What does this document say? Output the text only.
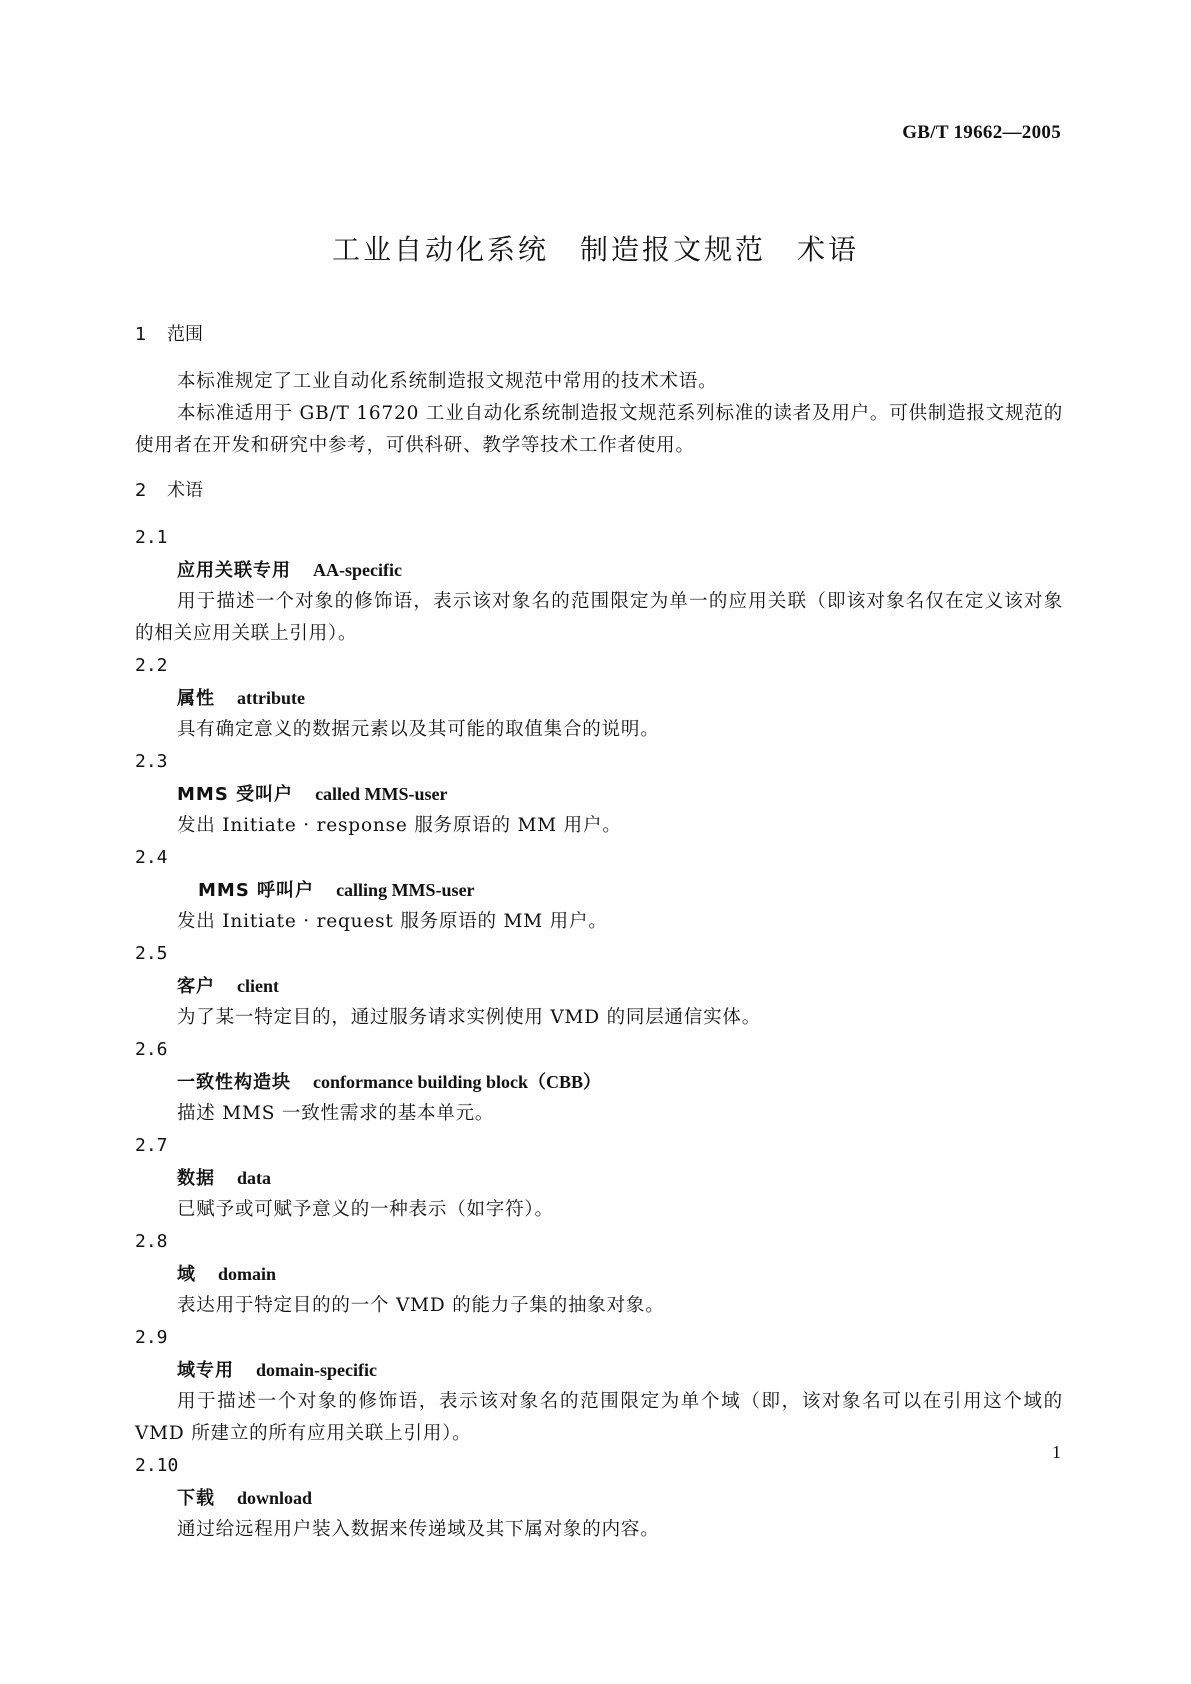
GB/T 19662—2005
工业自动化系统　制造报文规范　术语
1 范围
本标准规定了工业自动化系统制造报文规范中常用的技术术语。
本标准适用于 GB/T 16720 工业自动化系统制造报文规范系列标准的读者及用户。可供制造报文规范的使用者在开发和研究中参考，可供科研、教学等技术工作者使用。
2 术语
2.1
应用关联专用 AA-specific
用于描述一个对象的修饰语，表示该对象名的范围限定为单一的应用关联（即该对象名仅在定义该对象的相关应用关联上引用）。
2.2
属性 attribute
具有确定意义的数据元素以及其可能的取值集合的说明。
2.3
MMS 受叫户 called MMS-user
发出 Initiate · response 服务原语的 MM 用户。
2.4
MMS 呼叫户 calling MMS-user
发出 Initiate · request 服务原语的 MM 用户。
2.5
客户 client
为了某一特定目的，通过服务请求实例使用 VMD 的同层通信实体。
2.6
一致性构造块 conformance building block（CBB）
描述 MMS 一致性需求的基本单元。
2.7
数据 data
已赋予或可赋予意义的一种表示（如字符）。
2.8
域 domain
表达用于特定目的的一个 VMD 的能力子集的抽象对象。
2.9
域专用 domain-specific
用于描述一个对象的修饰语，表示该对象名的范围限定为单个域（即，该对象名可以在引用这个域的 VMD 所建立的所有应用关联上引用）。
2.10
下载 download
通过给远程用户装入数据来传递域及其下属对象的内容。
1
